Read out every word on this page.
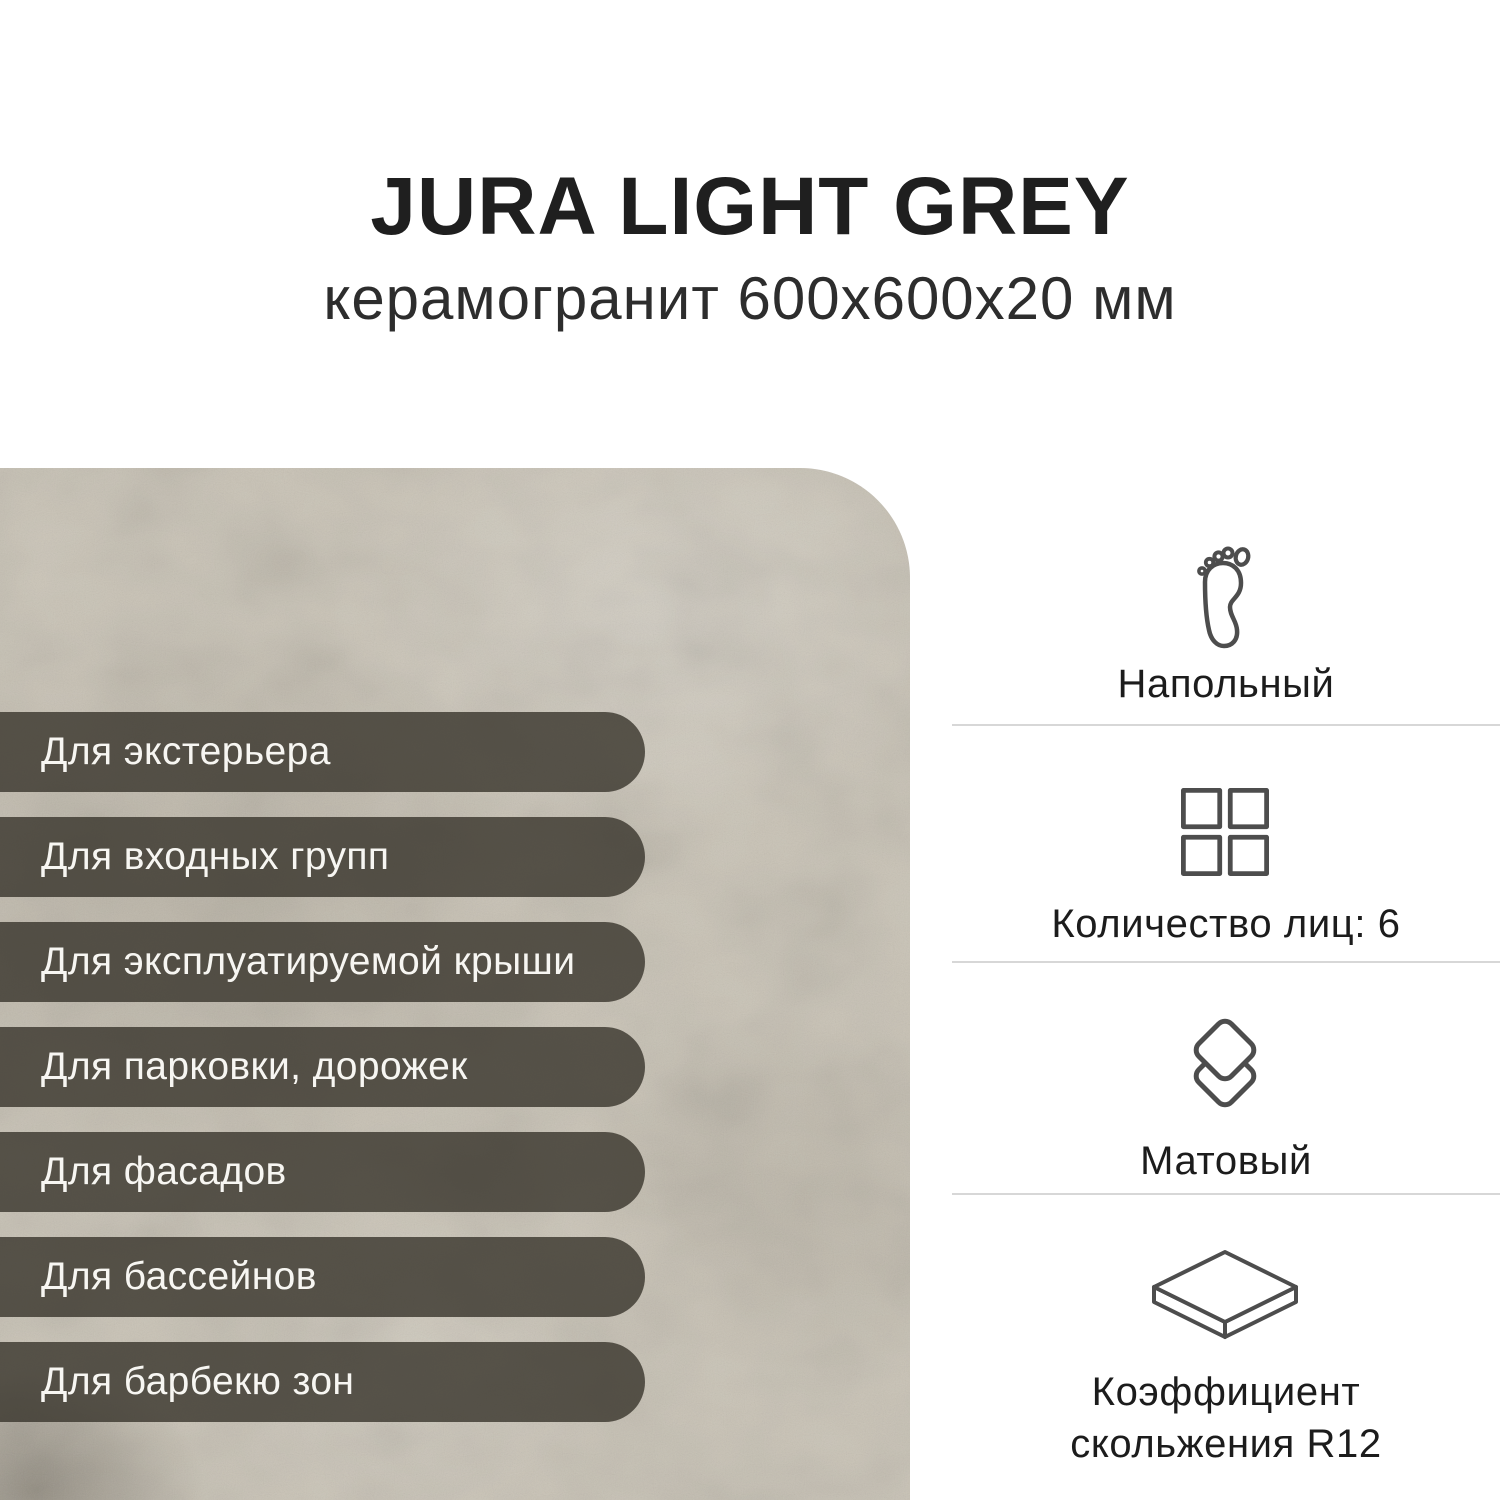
JURA LIGHT GREY
керамогранит 600х600х20 мм
Для экстерьера
Для входных групп
Для эксплуатируемой крыши
Для парковки, дорожек
Для фасадов
Для бассейнов
Для барбекю зон
Напольный
Количество лиц: 6
Матовый
Коэффициент
скольжения R12
